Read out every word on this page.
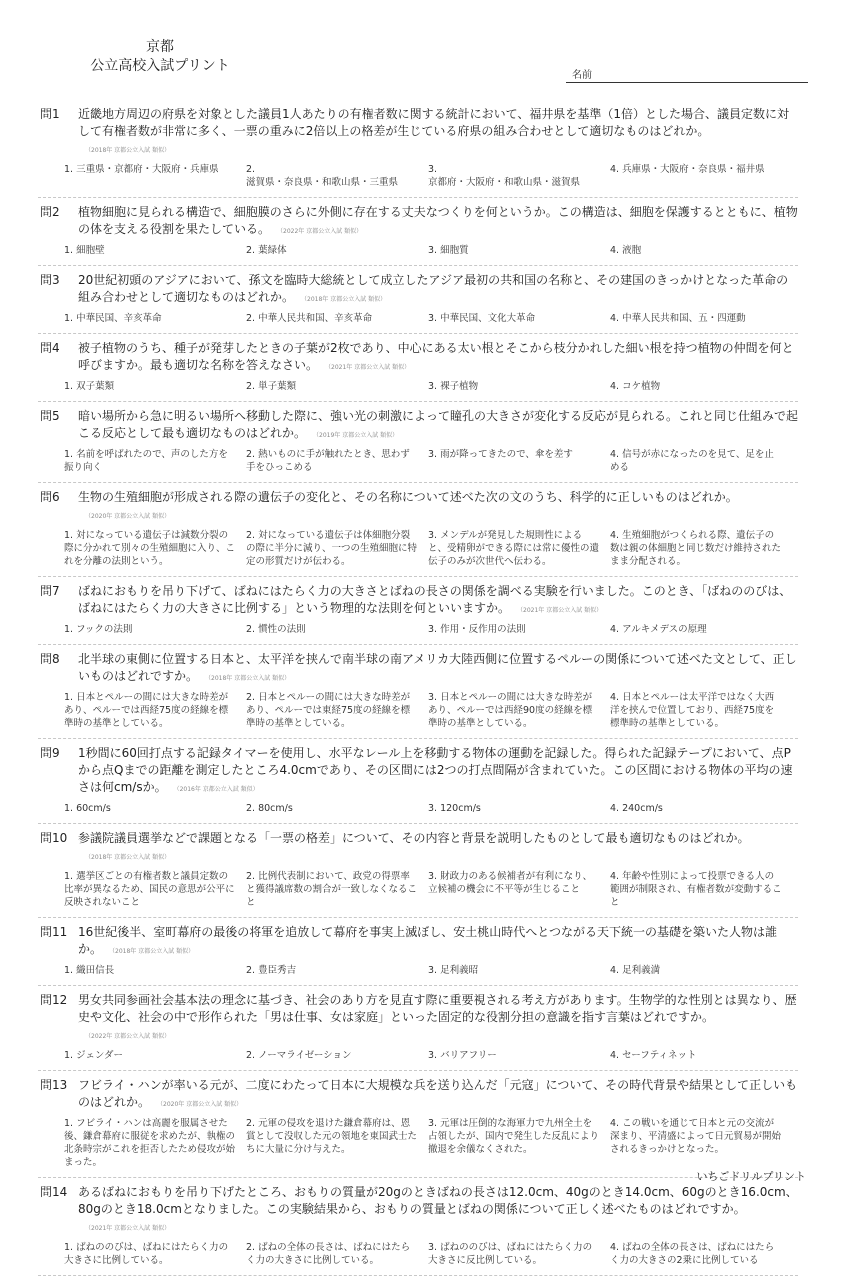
京都
公立高校入試プリント
名前
問1 近畿地方周辺の府県を対象とした議員1人あたりの有権者数に関する統計において、福井県を基準（1倍）とした場合、議員定数に対して有権者数が非常に多く、一票の重みに2倍以上の格差が生じている府県の組み合わせとして適切なものはどれか。（2018年 京都公立入試 類似）
1. 三重県・京都府・大阪府・兵庫県	2.
滋賀県・奈良県・和歌山県・三重県
3.
京都府・大阪府・和歌山県・滋賀県
4. 兵庫県・大阪府・奈良県・福井県
問2 植物細胞に見られる構造で、細胞膜のさらに外側に存在する丈夫なつくりを何というか。この構造は、細胞を保護するとともに、植物の体を支える役割を果たしている。 （2022年 京都公立入試 類似）
1. 細胞壁	2. 葉緑体	3. 細胞質	4. 液胞
問3 20世紀初頭のアジアにおいて、孫文を臨時大総統として成立したアジア最初の共和国の名称と、その建国のきっかけとなった革命の組み合わせとして適切なものはどれか。 （2018年 京都公立入試 類似）
1. 中華民国、辛亥革命	2. 中華人民共和国、辛亥革命	3. 中華民国、文化大革命	4. 中華人民共和国、五・四運動
問4 被子植物のうち、種子が発芽したときの子葉が2枚であり、中心にある太い根とそこから枝分かれした細い根を持つ植物の仲間を何と呼びますか。最も適切な名称を答えなさい。 （2021年 京都公立入試 類似）
1. 双子葉類	2. 単子葉類	3. 裸子植物	4. コケ植物
問5 暗い場所から急に明るい場所へ移動した際に、強い光の刺激によって瞳孔の大きさが変化する反応が見られる。これと同じ仕組みで起こる反応として最も適切なものはどれか。 （2019年 京都公立入試 類似）
1. 名前を呼ばれたので、声のした方を振り向く
2. 熱いものに手が触れたとき、思わず手をひっこめる
3. 雨が降ってきたので、傘を差す	4. 信号が赤になったのを見て、足を止める
問6 生物の生殖細胞が形成される際の遺伝子の変化と、その名称について述べた次の文のうち、科学的に正しいものはどれか。（2020年 京都公立入試 類似）
1. 対になっている遺伝子は減数分裂の際に分かれて別々の生殖細胞に入り、これを分離の法則という。
2. 対になっている遺伝子は体細胞分裂の際に半分に減り、一つの生殖細胞に特定の形質だけが伝わる。
3. メンデルが発見した規則性によると、受精卵ができる際には常に優性の遺伝子のみが次世代へ伝わる。
4. 生殖細胞がつくられる際、遺伝子の数は親の体細胞と同じ数だけ維持されたまま分配される。
問7 ばねにおもりを吊り下げて、ばねにはたらく力の大きさとばねの長さの関係を調べる実験を行いました。このとき、「ばねののびは、ばねにはたらく力の大きさに比例する」という物理的な法則を何といいますか。 （2021年 京都公立入試 類似）
1. フックの法則	2. 慣性の法則	3. 作用・反作用の法則	4. アルキメデスの原理
問8 北半球の東側に位置する日本と、太平洋を挟んで南半球の南アメリカ大陸西側に位置するペルーの関係について述べた文として、正しいものはどれですか。 （2018年 京都公立入試 類似）
1. 日本とペルーの間には大きな時差があり、ペルーでは西経75度の経線を標準時の基準としている。
2. 日本とペルーの間には大きな時差があり、ペルーでは東経75度の経線を標準時の基準としている。
3. 日本とペルーの間には大きな時差があり、ペルーでは西経90度の経線を標準時の基準としている。
4. 日本とペルーは太平洋ではなく大西洋を挟んで位置しており、西経75度を標準時の基準としている。
問9 1秒間に60回打点する記録タイマーを使用し、水平なレール上を移動する物体の運動を記録した。得られた記録テープにおいて、点Pから点Qまでの距離を測定したところ4.0cmであり、その区間には2つの打点間隔が含まれていた。この区間における物体の平均の速さは何cm/sか。 （2016年 京都公立入試 類似）
1. 60cm/s	2. 80cm/s	3. 120cm/s	4. 240cm/s
問10 参議院議員選挙などで課題となる「一票の格差」について、その内容と背景を説明したものとして最も適切なものはどれか。（2018年 京都公立入試 類似）
1. 選挙区ごとの有権者数と議員定数の比率が異なるため、国民の意思が公平に反映されないこと
2. 比例代表制において、政党の得票率と獲得議席数の割合が一致しなくなること
3. 財政力のある候補者が有利になり、立候補の機会に不平等が生じること
4. 年齢や性別によって投票できる人の範囲が制限され、有権者数が変動すること
問11 16世紀後半、室町幕府の最後の将軍を追放して幕府を事実上滅ぼし、安土桃山時代へとつながる天下統一の基礎を築いた人物は誰か。 （2018年 京都公立入試 類似）
1. 織田信長	2. 豊臣秀吉	3. 足利義昭	4. 足利義満
問12 男女共同参画社会基本法の理念に基づき、社会のあり方を見直す際に重要視される考え方があります。生物学的な性別とは異なり、歴史や文化、社会の中で形作られた「男は仕事、女は家庭」といった固定的な役割分担の意識を指す言葉はどれですか。（2022年 京都公立入試 類似）
1. ジェンダー	2. ノーマライゼーション	3. バリアフリー	4. セーフティネット
問13 フビライ・ハンが率いる元が、二度にわたって日本に大規模な兵を送り込んだ「元寇」について、その時代背景や結果として正しいものはどれか。 （2020年 京都公立入試 類似）
1. フビライ・ハンは高麗を服属させた後、鎌倉幕府に服従を求めたが、執権の北条時宗がこれを拒否したため侵攻が始まった。
2. 元軍の侵攻を退けた鎌倉幕府は、恩賞として没収した元の領地を東国武士たちに大量に分け与えた。
3. 元軍は圧倒的な海軍力で九州全土を占領したが、国内で発生した反乱により撤退を余儀なくされた。
4. この戦いを通じて日本と元の交流が深まり、平清盛によって日元貿易が開始されるきっかけとなった。
問14 あるばねにおもりを吊り下げたところ、おもりの質量が20gのときばねの長さは12.0cm、40gのとき14.0cm、60gのとき16.0cm、80gのとき18.0cmとなりました。この実験結果から、おもりの質量とばねの関係について正しく述べたものはどれですか。（2021年 京都公立入試 類似）
1. ばねののびは、ばねにはたらく力の大きさに比例している。
2. ばねの全体の長さは、ばねにはたらく力の大きさに比例している。
3. ばねののびは、ばねにはたらく力の大きさに反比例している。
4. ばねの全体の長さは、ばねにはたらく力の大きさの2乗に比例している
いちごドリルプリント
